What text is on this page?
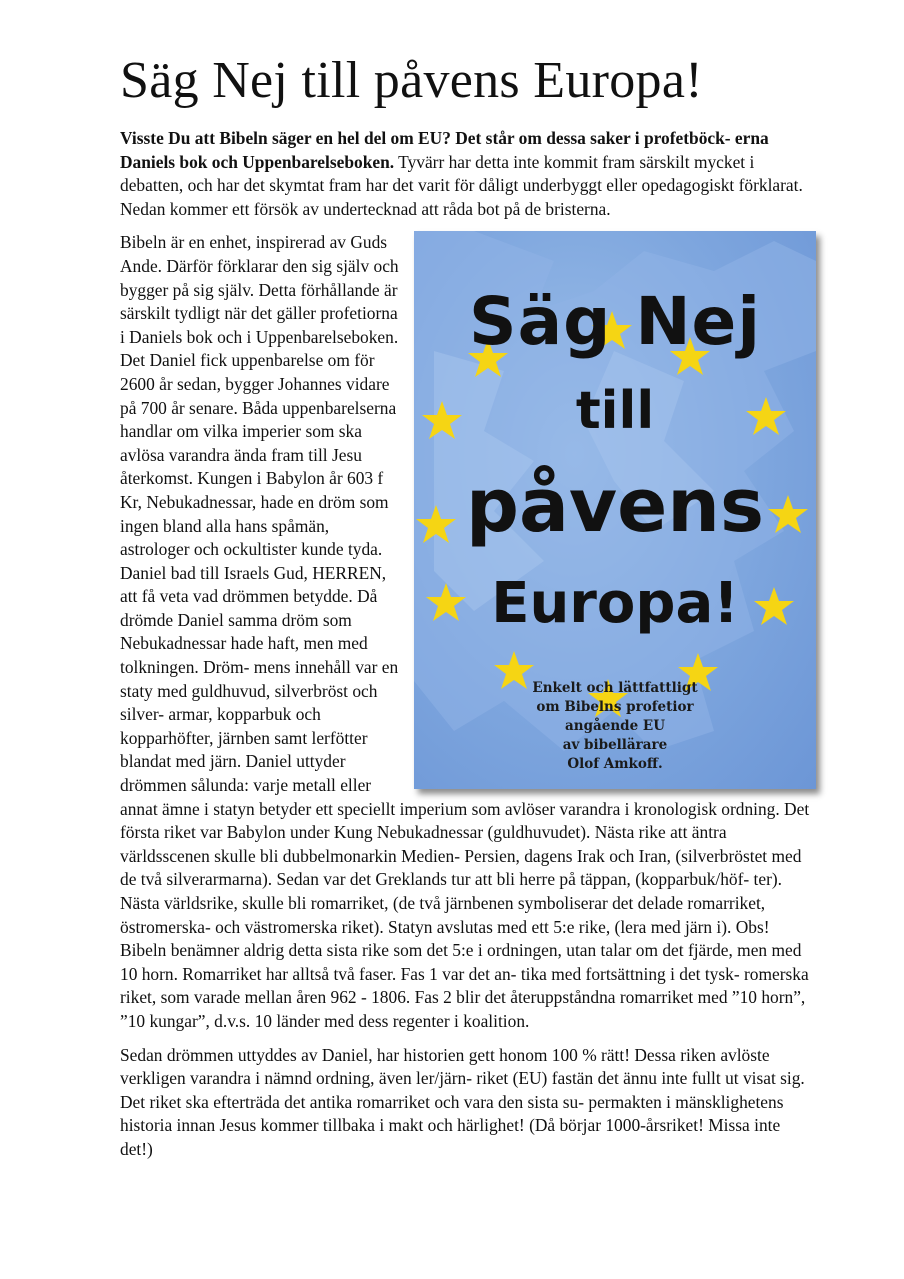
Säg Nej till påvens Europa!

Visste Du att Bibeln säger en hel del om EU? Det står om dessa saker i profetböck- erna Daniels bok och Uppenbarelseboken. Tyvärr har detta inte kommit fram särskilt mycket i debatten, och har det skymtat fram har det varit för dåligt underbyggt eller opedagogiskt förklarat. Nedan kommer ett försök av undertecknad att råda bot på de bristerna.

Säg Nej
till
påvens
Europa!
Enkelt och lättfattligt
om Bibelns profetior
angående EU
av bibellärare
Olof Amkoff.

Bibeln är en enhet, inspirerad av Guds Ande. Därför förklarar den sig själv och bygger på sig själv. Detta förhållande är särskilt tydligt när det gäller profetiorna i Daniels bok och i Uppenbarelseboken. Det Daniel fick uppenbarelse om för 2600 år sedan, bygger Johannes vidare på 700 år senare. Båda uppenbarelserna handlar om vilka imperier som ska avlösa varandra ända fram till Jesu återkomst. Kungen i Babylon år 603 f Kr, Nebukadnessar, hade en dröm som ingen bland alla hans spåmän, astrologer och ockultister kunde tyda. Daniel bad till Israels Gud, HERREN, att få veta vad drömmen betydde. Då drömde Daniel samma dröm som Nebukadnessar hade haft, men med tolkningen. Dröm- mens innehåll var en staty med guldhuvud, silverbröst och silver- armar, kopparbuk och kopparhöfter, järnben samt lerfötter blandat med järn. Daniel uttyder drömmen sålunda: varje metall eller annat ämne i statyn betyder ett speciellt imperium som avlöser varandra i kronologisk ordning. Det första riket var Babylon under Kung Nebukadnessar (guldhuvudet). Nästa rike att äntra världsscenen skulle bli dubbelmonarkin Medien- Persien, dagens Irak och Iran, (silverbröstet med de två silverarmarna). Sedan var det Greklands tur att bli herre på täppan, (kopparbuk/höf- ter). Nästa världsrike, skulle bli romarriket, (de två järnbenen symboliserar det delade romarriket, östromerska- och västromerska riket). Statyn avslutas med ett 5:e rike, (lera med järn i). Obs! Bibeln benämner aldrig detta sista rike som det 5:e i ordningen, utan talar om det fjärde, men med 10 horn. Romarriket har alltså två faser. Fas 1 var det an- tika med fortsättning i det tysk- romerska riket, som varade mellan åren 962 - 1806. Fas 2 blir det återuppståndna romarriket med ”10 horn”, ”10 kungar”, d.v.s. 10 länder med dess regenter i koalition.

Sedan drömmen uttyddes av Daniel, har historien gett honom 100 % rätt! Dessa riken avlöste verkligen varandra i nämnd ordning, även ler/järn- riket (EU) fastän det ännu inte fullt ut visat sig. Det riket ska efterträda det antika romarriket och vara den sista su- permakten i mänsklighetens historia innan Jesus kommer tillbaka i makt och härlighet! (Då börjar 1000-årsriket! Missa inte det!)
